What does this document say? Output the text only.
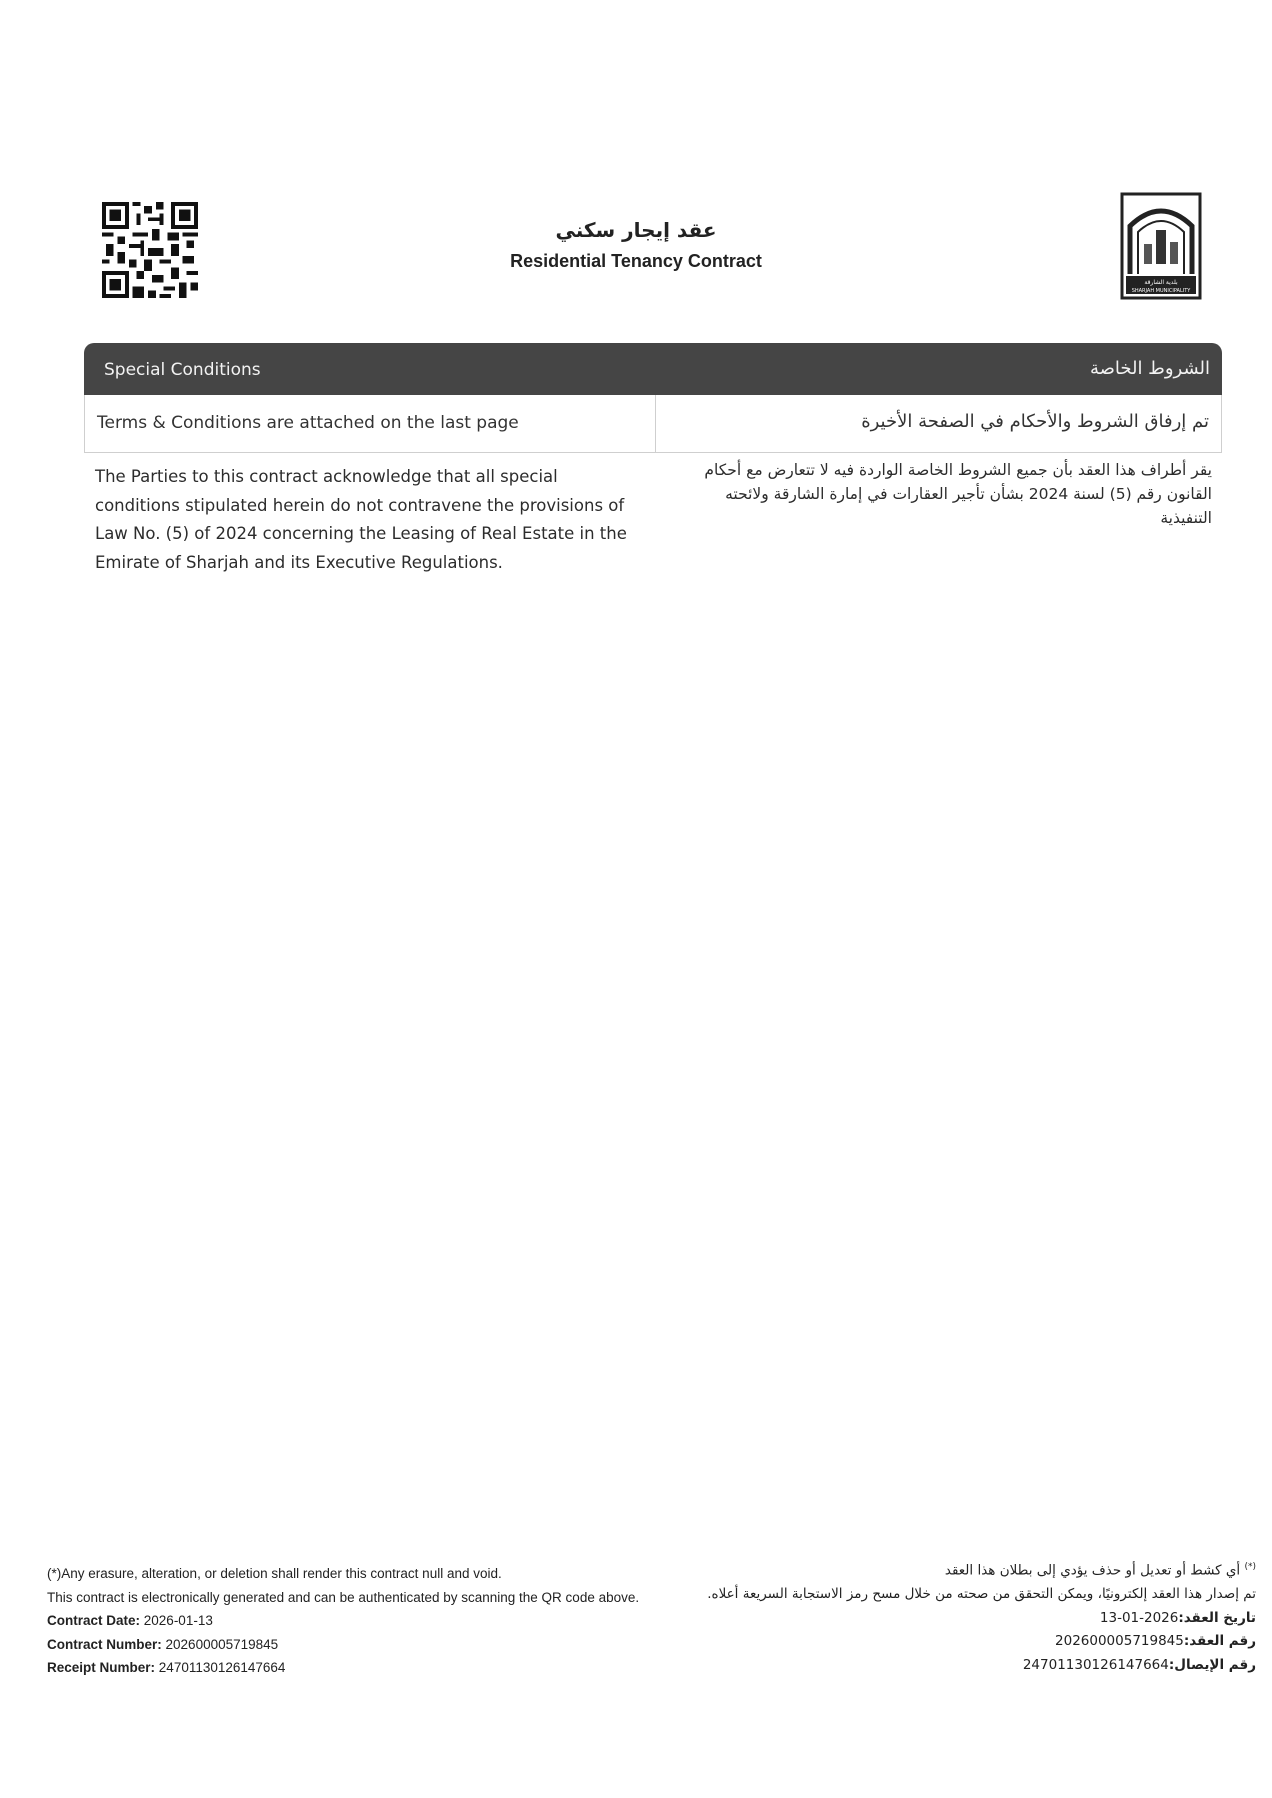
بلدية الشارقة
SHARJAH MUNICIPALITY
عقد إيجار سكني
Residential Tenancy Contract
Special Conditions	الشروط الخاصة
Terms & Conditions are attached on the last page	تم إرفاق الشروط والأحكام في الصفحة الأخيرة
The Parties to this contract acknowledge that all special conditions stipulated herein do not contravene the provisions of Law No. (5) of 2024 concerning the Leasing of Real Estate in the Emirate of Sharjah and its Executive Regulations.
يقر أطراف هذا العقد بأن جميع الشروط الخاصة الواردة فيه لا تتعارض مع أحكام القانون رقم (5) لسنة 2024 بشأن تأجير العقارات في إمارة الشارقة ولائحته التنفيذية
(*)Any erasure, alteration, or deletion shall render this contract null and void.
This contract is electronically generated and can be authenticated by scanning the QR code above.
Contract Date: 2026-01-13
Contract Number: 202600005719845
Receipt Number: 24701130126147664
(*) أي كشط أو تعديل أو حذف يؤدي إلى بطلان هذا العقد
تم إصدار هذا العقد إلكترونيًا، ويمكن التحقق من صحته من خلال مسح رمز الاستجابة السريعة أعلاه.
تاريخ العقد:2026-01-13
رقم العقد:202600005719845
رقم الإيصال:24701130126147664
